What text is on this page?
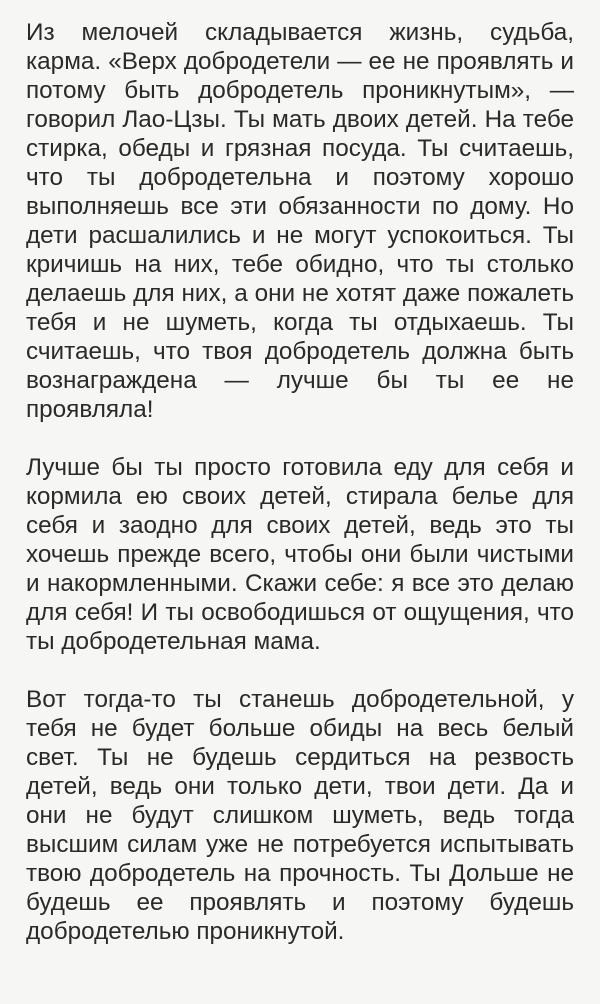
Из мелочей складывается жизнь, судьба, карма. «Верх добродетели — ее не проявлять и потому быть добродетель проникнутым», — говорил Лао-Цзы. Ты мать двоих детей. На тебе стирка, обеды и грязная посуда. Ты считаешь, что ты добродетельна и поэтому хорошо выполняешь все эти обязанности по дому. Но дети расшалились и не могут успокоиться. Ты кричишь на них, тебе обидно, что ты столько делаешь для них, а они не хотят даже пожалеть тебя и не шуметь, когда ты отдыхаешь. Ты считаешь, что твоя добродетель должна быть вознаграждена — лучше бы ты ее не проявляла!

Лучше бы ты просто готовила еду для себя и кормила ею своих детей, стирала белье для себя и заодно для своих детей, ведь это ты хочешь прежде всего, чтобы они были чистыми и накормленными. Скажи себе: я все это делаю для себя! И ты освободишься от ощущения, что ты добродетельная мама.

Вот тогда-то ты станешь добродетельной, у тебя не будет больше обиды на весь белый свет. Ты не будешь сердиться на резвость детей, ведь они только дети, твои дети. Да и они не будут слишком шуметь, ведь тогда высшим силам уже не потребуется испытывать твою добродетель на прочность. Ты Дольше не будешь ее проявлять и поэтому будешь добродетелью проникнутой.
